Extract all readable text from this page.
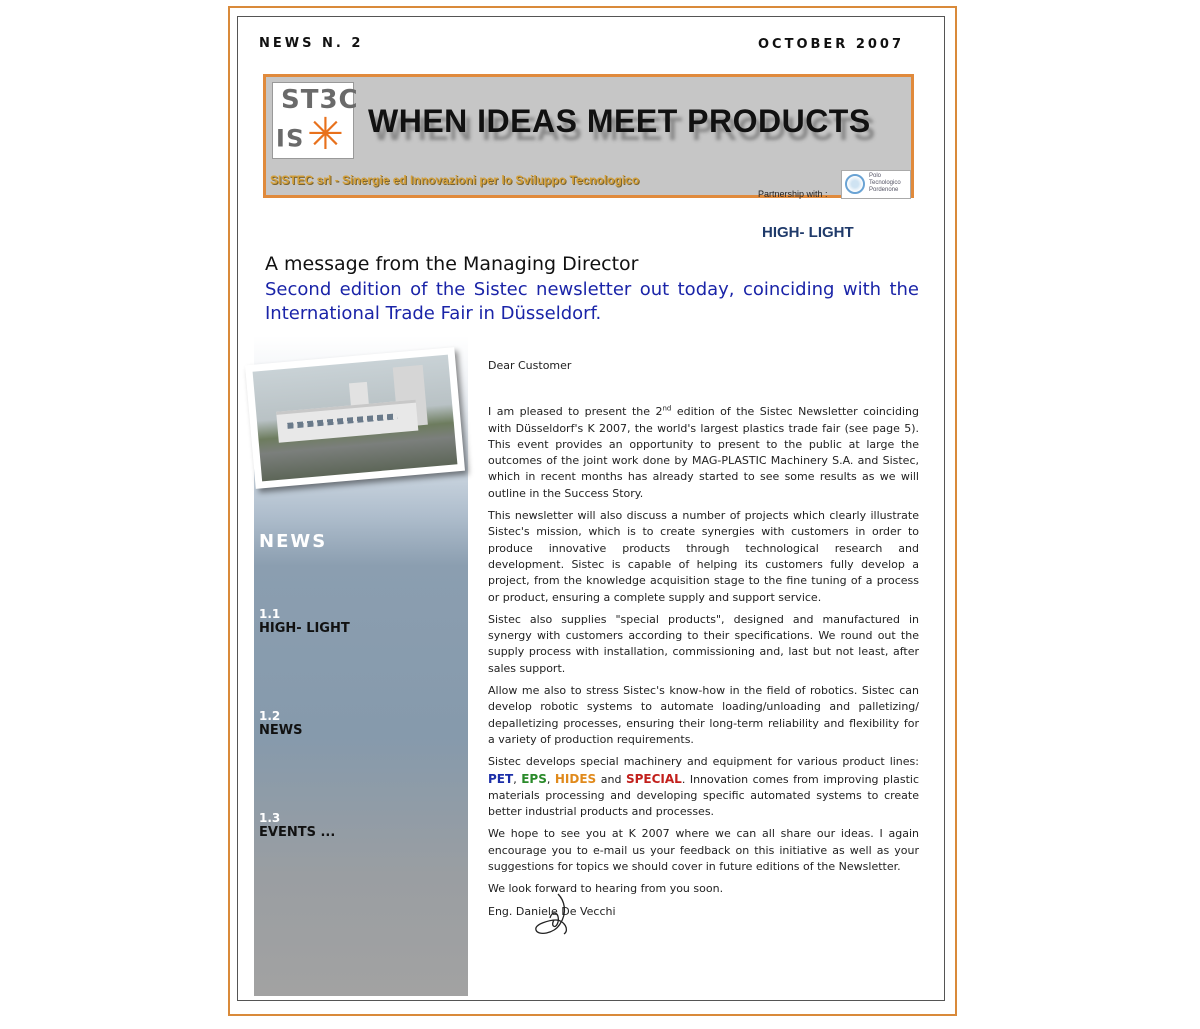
NEWS N. 2	OCTOBER 2007
ST3C
SI ✳ WHEN IDEAS MEET PRODUCTS
SISTEC srl - Sinergie ed Innovazioni per lo Sviluppo Tecnologico
Partnership with :
Polo Tecnologico Pordenone
HIGH- LIGHT
A message from the Managing Director
Second edition of the Sistec newsletter out today, coinciding with the International Trade Fair in Düsseldorf.
NEWS
1.1
HIGH- LIGHT
1.2
NEWS
1.3
EVENTS ...

Dear Customer

I am pleased to present the 2nd edition of the Sistec Newsletter coinciding with Düsseldorf's K 2007, the world's largest plastics trade fair (see page 5). This event provides an opportunity to present to the public at large the outcomes of the joint work done by MAG-PLASTIC Machinery S.A. and Sistec, which in recent months has already started to see some results as we will outline in the Success Story.

This newsletter will also discuss a number of projects which clearly illustrate Sistec's mission, which is to create synergies with customers in order to produce innovative products through technological research and development. Sistec is capable of helping its customers fully develop a project, from the knowledge acquisition stage to the fine tuning of a process or product, ensuring a complete supply and support service.

Sistec also supplies "special products", designed and manufactured in synergy with customers according to their specifications. We round out the supply process with installation, commissioning and, last but not least, after sales support.

Allow me also to stress Sistec's know-how in the field of robotics. Sistec can develop robotic systems to automate loading/unloading and palletizing/ depalletizing processes, ensuring their long-term reliability and flexibility for a variety of production requirements.

Sistec develops special machinery and equipment for various product lines: PET, EPS, HIDES and SPECIAL. Innovation comes from improving plastic materials processing and developing specific automated systems to create better industrial products and processes.

We hope to see you at K 2007 where we can all share our ideas. I again encourage you to e-mail us your feedback on this initiative as well as your suggestions for topics we should cover in future editions of the Newsletter.

We look forward to hearing from you soon.

Eng. Daniele De Vecchi
